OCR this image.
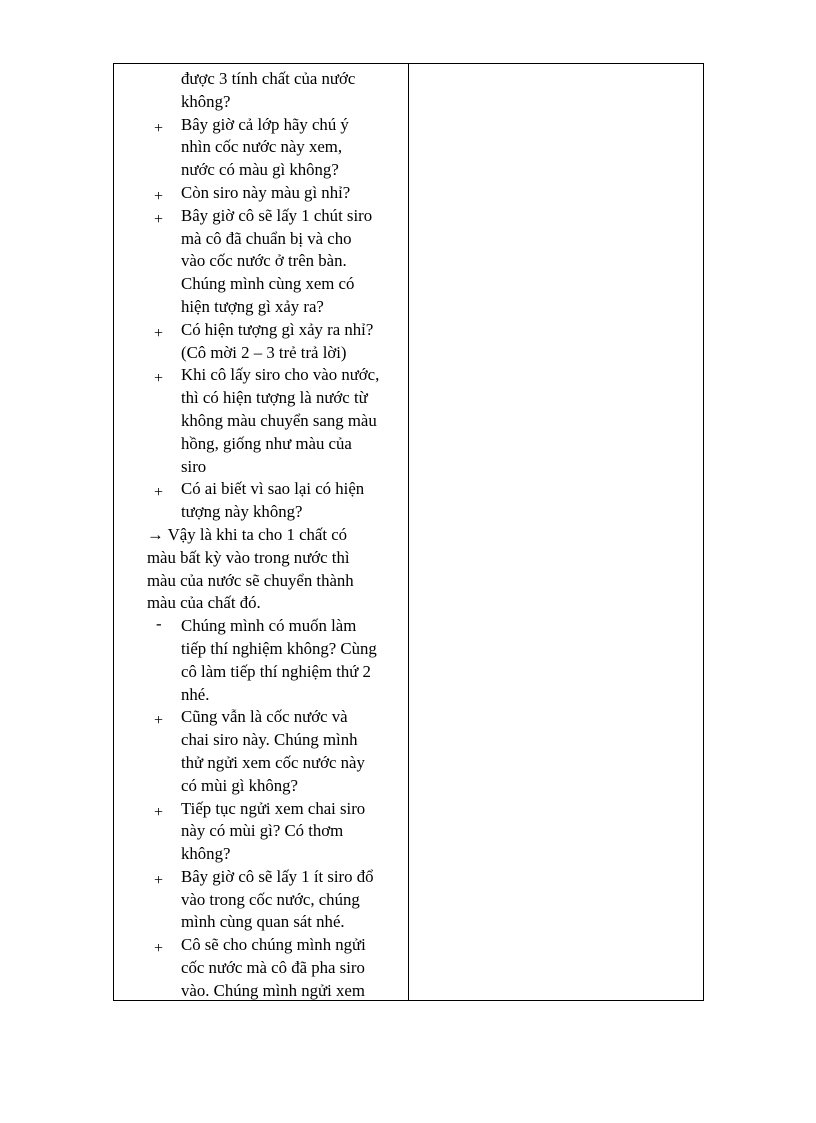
được 3 tính chất của nước
không?
+	Bây giờ cả lớp hãy chú ý
nhìn cốc nước này xem,
nước có màu gì không?
+	Còn siro này màu gì nhỉ?
+	Bây giờ cô sẽ lấy 1 chút siro
mà cô đã chuẩn bị và cho
vào cốc nước ở trên bàn.
Chúng mình cùng xem có
hiện tượng gì xảy ra?
+	Có hiện tượng gì xảy ra nhỉ?
(Cô mời 2 – 3 trẻ trả lời)
+	Khi cô lấy siro cho vào nước,
thì có hiện tượng là nước từ
không màu chuyển sang màu
hồng, giống như màu của
siro
+	Có ai biết vì sao lại có hiện
tượng này không?
→ Vậy là khi ta cho 1 chất có
màu bất kỳ vào trong nước thì
màu của nước sẽ chuyển thành
màu của chất đó.
-	Chúng mình có muốn làm
tiếp thí nghiệm không? Cùng
cô làm tiếp thí nghiệm thứ 2
nhé.
+	Cũng vẫn là cốc nước và
chai siro này. Chúng mình
thử ngửi xem cốc nước này
có mùi gì không?
+	Tiếp tục ngửi xem chai siro
này có mùi gì? Có thơm
không?
+	Bây giờ cô sẽ lấy 1 ít siro đổ
vào trong cốc nước, chúng
mình cùng quan sát nhé.
+	Cô sẽ cho chúng mình ngửi
cốc nước mà cô đã pha siro
vào. Chúng mình ngửi xem
